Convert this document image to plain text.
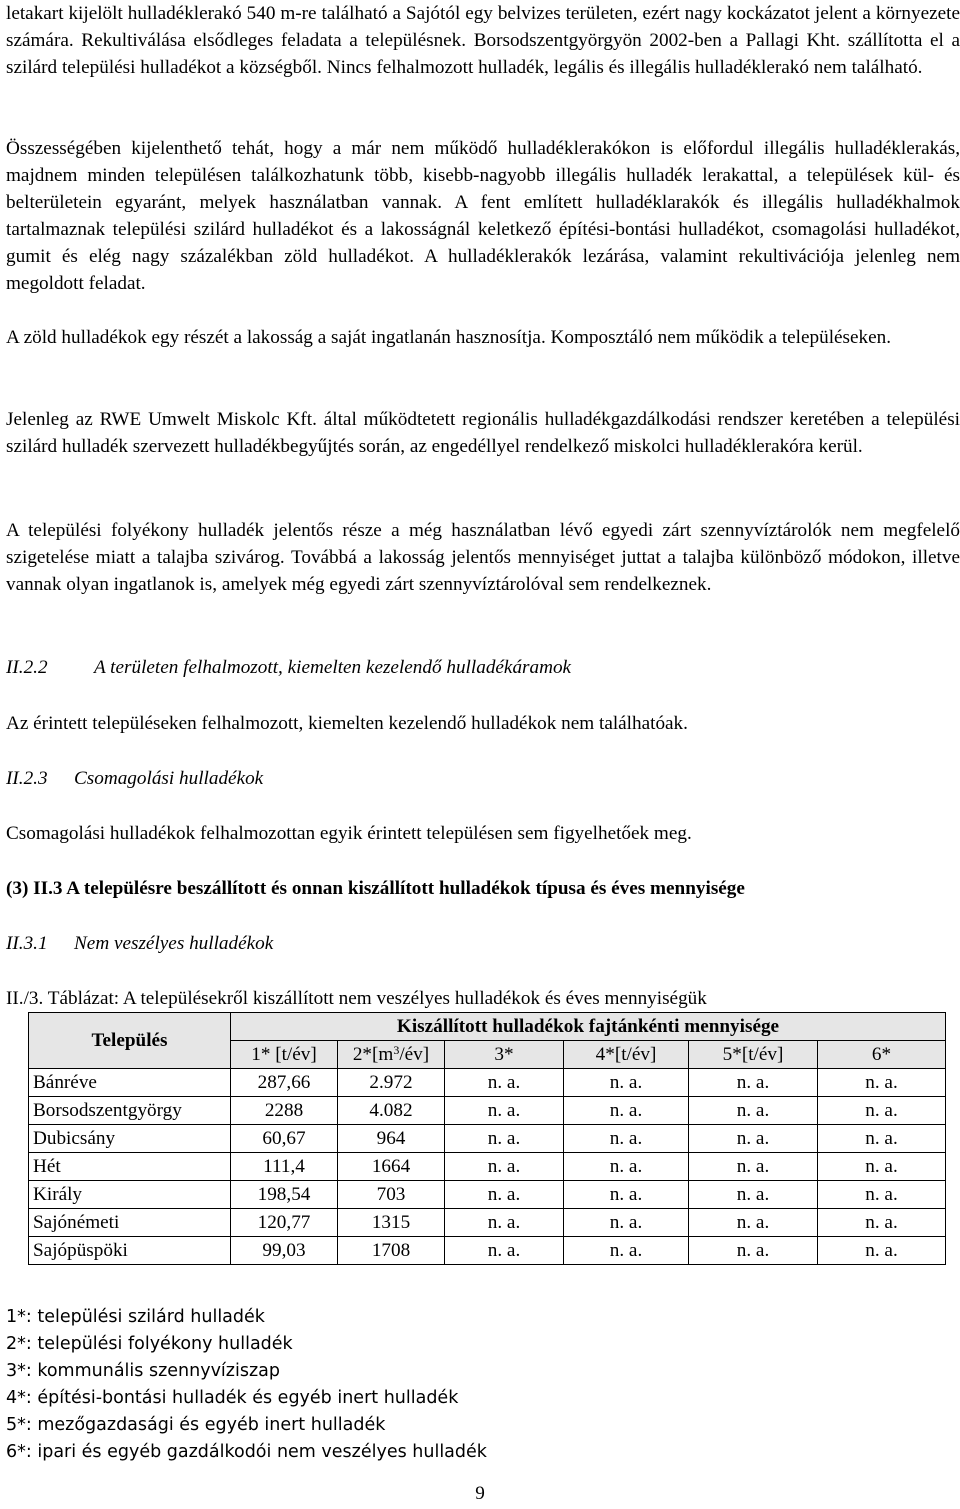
letakart kijelölt hulladéklerakó 540 m-re található a Sajótól egy belvizes területen, ezért nagy kockázatot jelent a környezete számára. Rekultiválása elsődleges feladata a településnek. Borsodszentgyörgyön 2002-ben a Pallagi Kht. szállította el a szilárd települési hulladékot a községből. Nincs felhalmozott hulladék, legális és illegális hulladéklerakó nem található.

Összességében kijelenthető tehát, hogy a már nem működő hulladéklerakókon is előfordul illegális hulladéklerakás, majdnem minden településen találkozhatunk több, kisebb-nagyobb illegális hulladék lerakattal, a települések kül- és belterületein egyaránt, melyek használatban vannak. A fent említett hulladéklarakók és illegális hulladékhalmok tartalmaznak települési szilárd hulladékot és a lakosságnál keletkező építési-bontási hulladékot, csomagolási hulladékot, gumit és elég nagy százalékban zöld hulladékot. A hulladéklerakók lezárása, valamint rekultivációja jelenleg nem megoldott feladat.

A zöld hulladékok egy részét a lakosság a saját ingatlanán hasznosítja. Komposztáló nem működik a településeken.

Jelenleg az RWE Umwelt Miskolc Kft. által működtetett regionális hulladékgazdálkodási rendszer keretében a települési szilárd hulladék szervezett hulladékbegyűjtés során, az engedéllyel rendelkező miskolci hulladéklerakóra kerül.

A települési folyékony hulladék jelentős része a még használatban lévő egyedi zárt szennyvíztárolók nem megfelelő szigetelése miatt a talajba szivárog. Továbbá a lakosság jelentős mennyiséget juttat a talajba különböző módokon, illetve vannak olyan ingatlanok is, amelyek még egyedi zárt szennyvíztárolóval sem rendelkeznek.

II.2.2 A területen felhalmozott, kiemelten kezelendő hulladékáramok

Az érintett településeken felhalmozott, kiemelten kezelendő hulladékok nem találhatóak.

II.2.3 Csomagolási hulladékok

Csomagolási hulladékok felhalmozottan egyik érintett településen sem figyelhetőek meg.

(3) II.3 A településre beszállított és onnan kiszállított hulladékok típusa és éves mennyisége
II.3.1 Nem veszélyes hulladékok
II./3. Táblázat: A településekről kiszállított nem veszélyes hulladékok és éves mennyiségük
Település	Kiszállított hulladékok fajtánkénti mennyisége					
	1* [t/év]	$2*[m^3/év]$	3*	4*[t/év]	5*[t/év]	6*
Bánréve	287,66	2.972	n. a.	n. a.	n. a.	n. a.
Borsodszentgyörgy	2288	4.082	n. a.	n. a.	n. a.	n. a.
Dubicsány	60,67	964	n. a.	n. a.	n. a.	n. a.
Hét	111,4	1664	n. a.	n. a.	n. a.	n. a.
Király	198,54	703	n. a.	n. a.	n. a.	n. a.
Sajónémeti	120,77	1315	n. a.	n. a.	n. a.	n. a.
Sajópüspöki	99,03	1708	n. a.	n. a.	n. a.	n. a.
1*: települési szilárd hulladék
2*: települési folyékony hulladék
3*: kommunális szennyvíziszap
4*: építési-bontási hulladék és egyéb inert hulladék
5*: mezőgazdasági és egyéb inert hulladék
6*: ipari és egyéb gazdálkodói nem veszélyes hulladék
9
